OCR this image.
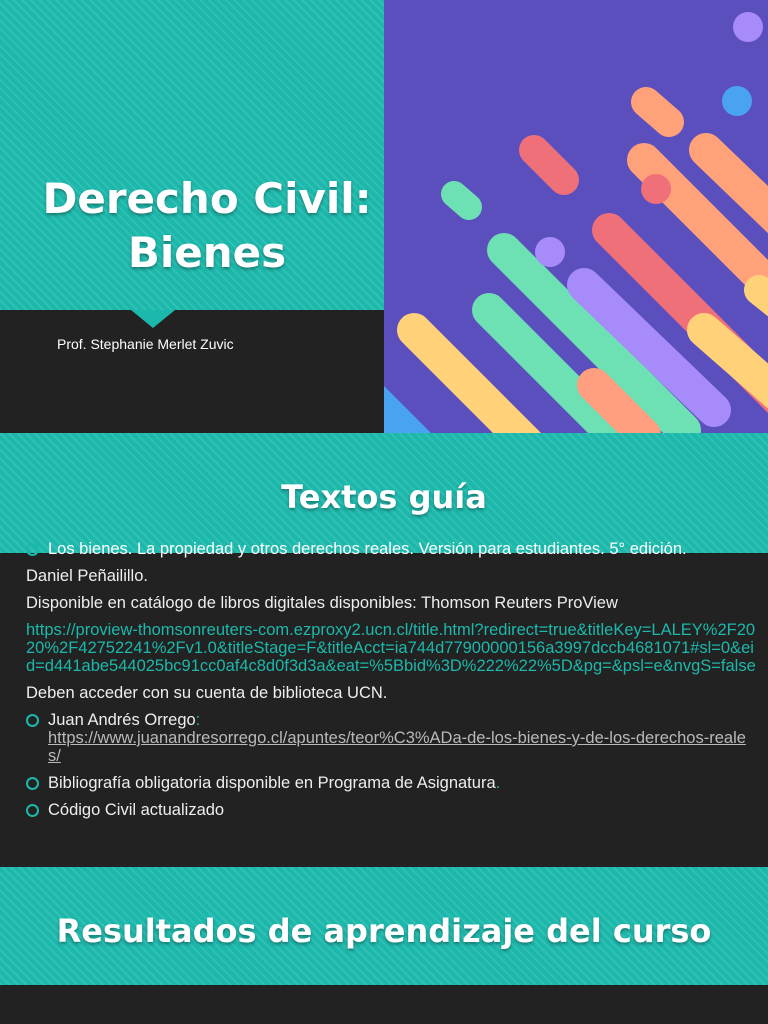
Derecho Civil: Bienes
Prof. Stephanie Merlet Zuvic
Textos guía

Los bienes. La propiedad y otros derechos reales. Versión para estudiantes. 5° edición.

Daniel Peñailillo.

Disponible en catálogo de libros digitales disponibles: Thomson Reuters ProView

https://proview-thomsonreuters-com.ezproxy2.ucn.cl/title.html?redirect=true&titleKey=LALEY%2F2020%2F42752241%2Fv1.0&titleStage=F&titleAcct=ia744d77900000156a3997dccb4681071#sl=0&eid=d441abe544025bc91cc0af4c8d0f3d3a&eat=%5Bbid%3D%222%22%5D&pg=&psl=e&nvgS=false

Deben acceder con su cuenta de biblioteca UCN.

Juan Andrés Orrego:
https://www.juanandresorrego.cl/apuntes/teor%C3%ADa-de-los-bienes-y-de-los-derechos-reales/

Bibliografía obligatoria disponible en Programa de Asignatura.

Código Civil actualizado

Resultados de aprendizaje del curso
